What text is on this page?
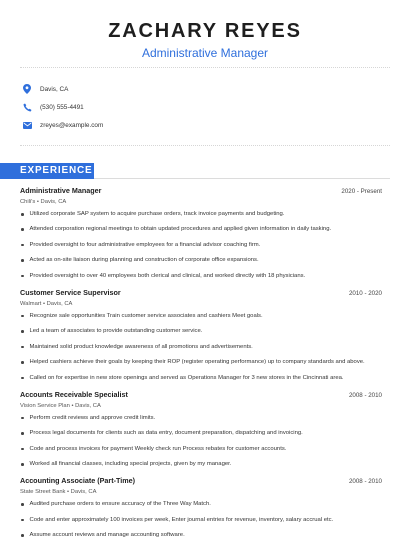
ZACHARY REYES
Administrative Manager
Davis, CA
(530) 555-4491
zreyes@example.com
EXPERIENCE
Administrative Manager	2020 - Present
Chili's • Davis, CA
Utilized corporate SAP system to acquire purchase orders, track invoice payments and budgeting.
Attended corporation regional meetings to obtain updated procedures and applied given information in daily tasking.
Provided oversight to four administrative employees for a financial advisor coaching firm.
Acted as on-site liaison during planning and construction of corporate office expansions.
Provided oversight to over 40 employees both clerical and clinical, and worked directly with 18 physicians.
Customer Service Supervisor	2010 - 2020
Walmart • Davis, CA
Recognize sale opportunities Train customer service associates and cashiers Meet goals.
Led a team of associates to provide outstanding customer service.
Maintained solid product knowledge awareness of all promotions and advertisements.
Helped cashiers achieve their goals by keeping their ROP (register operating performance) up to company standards and above.
Called on for expertise in new store openings and served as Operations Manager for 3 new stores in the Cincinnati area.
Accounts Receivable Specialist	2008 - 2010
Vision Service Plan • Davis, CA
Perform credit reviews and approve credit limits.
Process legal documents for clients such as data entry, document preparation, dispatching and invoicing.
Code and process invoices for payment Weekly check run Process rebates for customer accounts.
Worked all financial classes, including special projects, given by my manager.
Accounting Associate (Part-Time)	2008 - 2010
State Street Bank • Davis, CA
Audited purchase orders to ensure accuracy of the Three Way Match.
Code and enter approximately 100 invoices per week, Enter journal entries for revenue, inventory, salary accrual etc.
Assume account reviews and manage accounting software.
